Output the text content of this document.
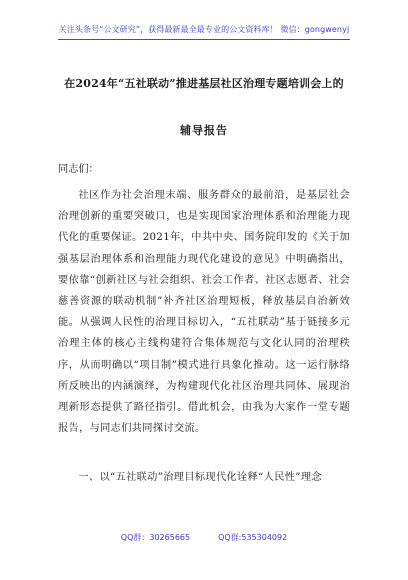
关注头条号“公文研究”，获得最新最全最专业的公文资料库！ 微信：gongwenyj
在2024年“五社联动”推进基层社区治理专题培训会上的
辅导报告
同志们：

社区作为社会治理末端、服务群众的最前沿，是基层社会治理创新的重要突破口，也是实现国家治理体系和治理能力现代化的重要保证。2021年，中共中央、国务院印发的《关于加强基层治理体系和治理能力现代化建设的意见》中明确指出，要依靠“创新社区与社会组织、社会工作者、社区志愿者、社会慈善资源的联动机制”补齐社区治理短板，释放基层自治新效能。从强调人民性的治理目标切入，“五社联动”基于链接多元治理主体的核心主线构建符合集体规范与文化认同的治理秩序，从而明确以“项目制”模式进行具象化推动。这一运行脉络所反映出的内涵演绎，为构建现代化社区治理共同体、展现治理新形态提供了路径指引。借此机会，由我为大家作一堂专题报告，与同志们共同探讨交流。

一、以“五社联动”治理目标现代化诠释“人民性”理念

QQ群：30265665	QQ群:535304092
